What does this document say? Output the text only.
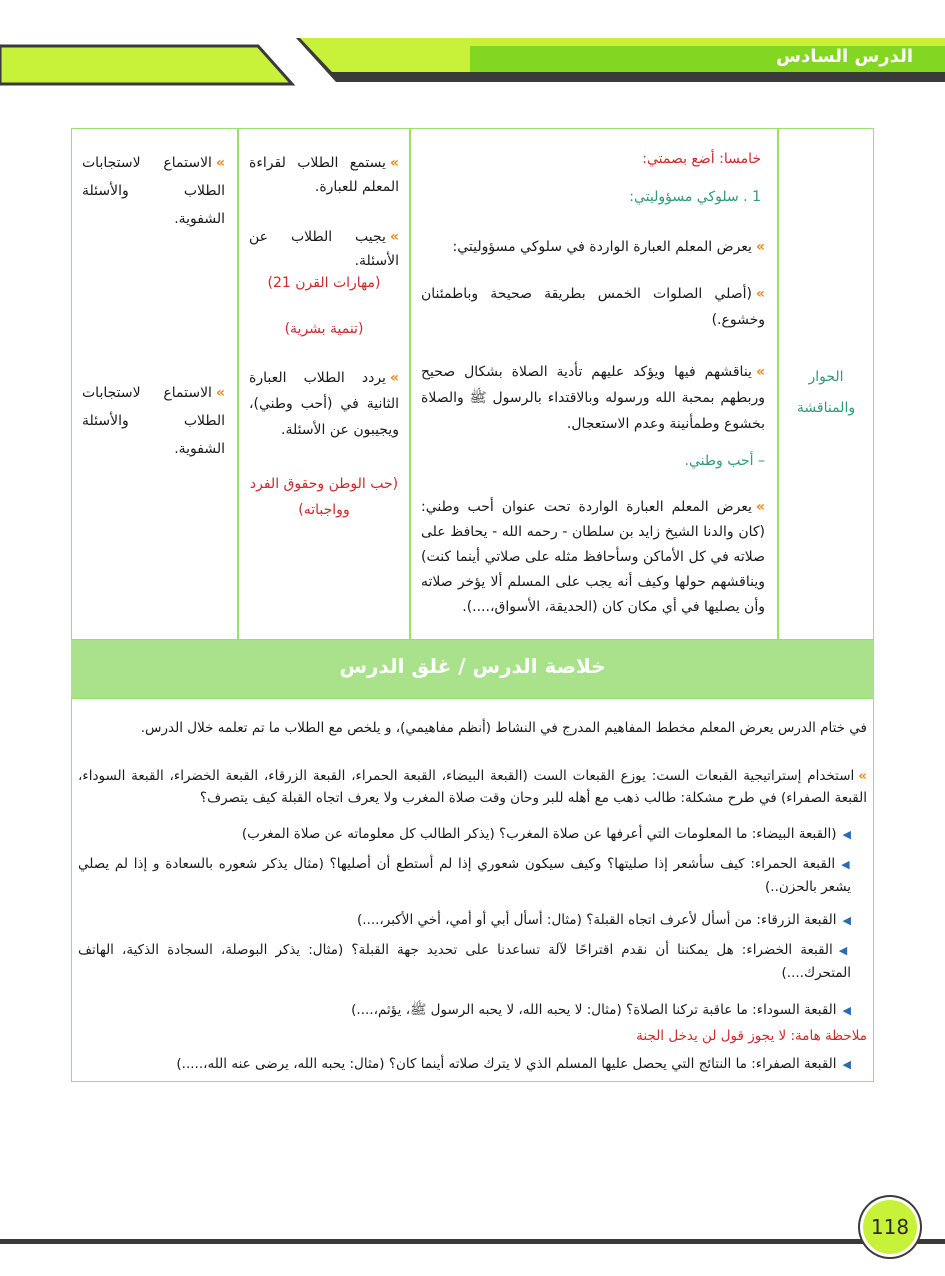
الدرس السادس
الحوار
والمناقشة
خامسا: أضع بصمتي:
1 . سلوكي مسؤوليتي:
»يعرض المعلم العبارة الواردة في سلوكي مسؤوليتي:
»(أصلي الصلوات الخمس بطريقة صحيحة وباطمئنان وخشوع.)
»يناقشهم فيها ويؤكد عليهم تأدية الصلاة بشكال صحيح وربطهم بمحبة الله ورسوله وبالاقتداء بالرسول ﷺ والصلاة بخشوع وطمأنينة وعدم الاستعجال.
– أحب وطني.
»يعرض المعلم العبارة الواردة تحت عنوان أحب وطني: (كان والدنا الشيخ زايد بن سلطان - رحمه الله - يحافظ على صلاته في كل الأماكن وسأحافظ مثله على صلاتي أينما كنت) ويناقشهم حولها وكيف أنه يجب على المسلم ألا يؤخر صلاته وأن يصليها في أي مكان كان (الحديقة، الأسواق،....).
»يستمع الطلاب لقراءة المعلم للعبارة.
»يجيب الطلاب عن الأسئلة.
(مهارات القرن 21)
(تنمية بشرية)
»يردد الطلاب العبارة الثانية في (أحب وطني)، ويجيبون عن الأسئلة.
(حب الوطن وحقوق الفرد وواجباته)
»الاستماع لاستجابات الطلاب والأسئلة الشفوية.
»الاستماع لاستجابات الطلاب والأسئلة الشفوية.
خلاصة الدرس / غلق الدرس
في ختام الدرس يعرض المعلم مخطط المفاهيم المدرج في النشاط (أنظم مفاهيمي)، و يلخص مع الطلاب ما تم تعلمه خلال الدرس.
»استخدام إستراتيجية القبعات الست: يوزع القبعات الست (القبعة البيضاء، القبعة الحمراء، القبعة الزرقاء، القبعة الخضراء، القبعة السوداء، القبعة الصفراء) في طرح مشكلة: طالب ذهب مع أهله للبر وحان وقت صلاة المغرب ولا يعرف اتجاه القبلة كيف يتصرف؟
◀(القبعة البيضاء: ما المعلومات التي أعرفها عن صلاة المغرب؟ (يذكر الطالب كل معلوماته عن صلاة المغرب)
◀القبعة الحمراء: كيف سأشعر إذا صليتها؟ وكيف سيكون شعوري إذا لم أستطع أن أصليها؟ (مثال يذكر شعوره بالسعادة و إذا لم يصلي يشعر بالحزن..)
◀القبعة الزرقاء: من أسأل لأعرف اتجاه القبلة؟ (مثال: أسأل أبي أو أمي، أخي الأكبر،....)
◀القبعة الخضراء: هل يمكننا أن نقدم اقتراحًا لآلة تساعدنا على تحديد جهة القبلة؟ (مثال: يذكر البوصلة، السجادة الذكية، الهاتف المتحرك....)
◀القبعة السوداء: ما عاقبة تركنا الصلاة؟ (مثال: لا يحبه الله، لا يحبه الرسول ﷺ، يؤثم،....)
ملاحظة هامة: لا يجوز قول لن يدخل الجنة
◀القبعة الصفراء: ما النتائج التي يحصل عليها المسلم الذي لا يترك صلاته أينما كان؟ (مثال: يحبه الله، يرضى عنه الله،.....)
118
